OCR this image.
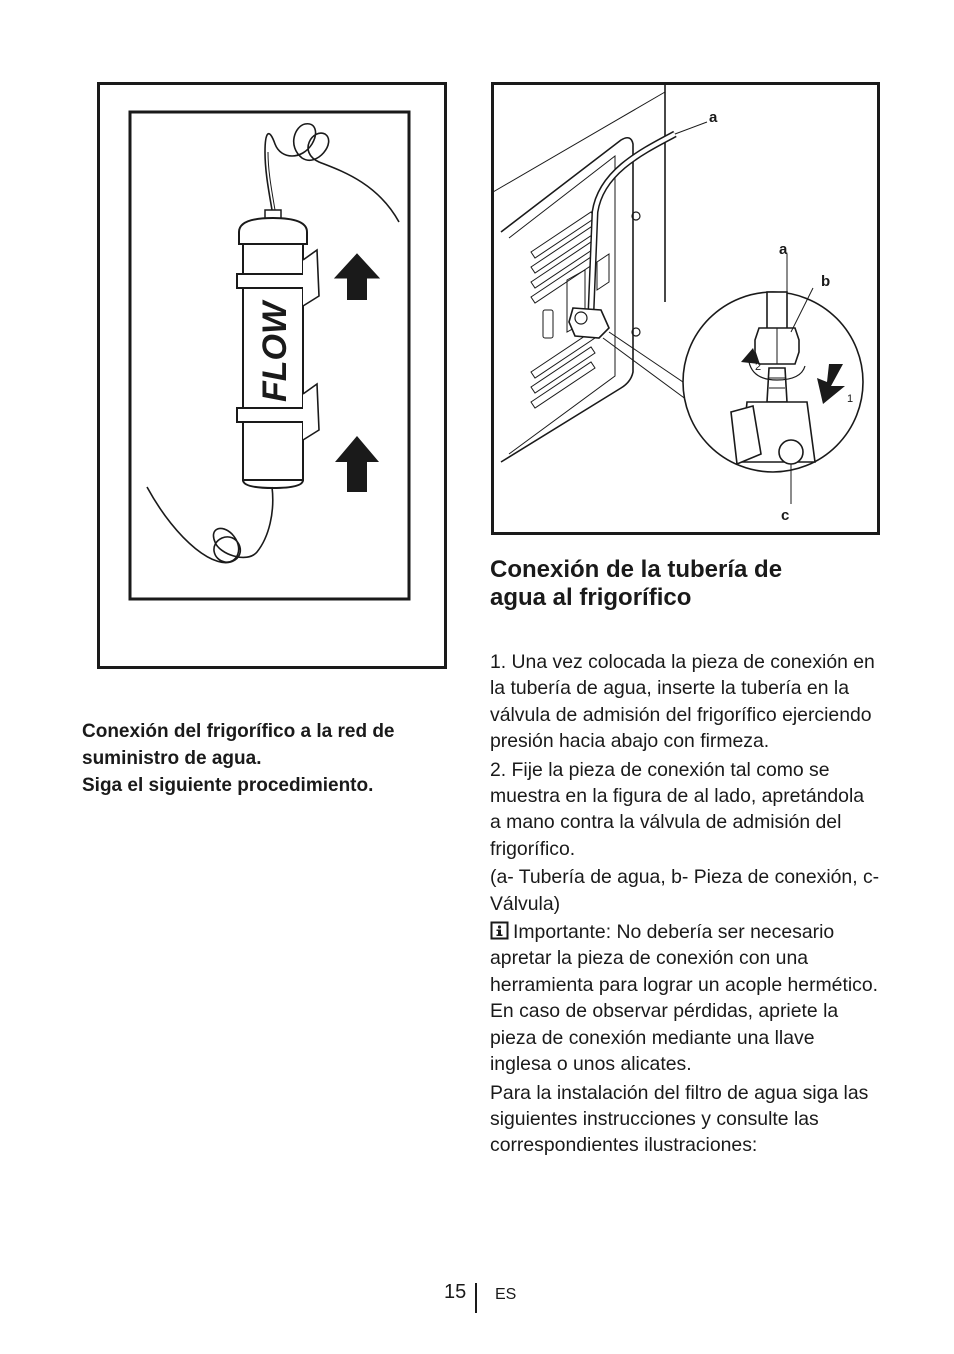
FLOW
a
a
b
c
1
2
Conexión del frigorífico a la red de
suministro de agua.
Siga el siguiente procedimiento.
Conexión de la tubería de
agua al frigorífico

1. Una vez colocada la pieza de conexión en la tubería de agua, inserte la tubería en la válvula de admisión del frigorífico ejerciendo presión hacia abajo con firmeza.

2. Fije la pieza de conexión tal como se muestra en la figura de al lado, apretándola a mano contra la válvula de admisión del frigorífico.

(a- Tubería de agua, b- Pieza de conexión, c-Válvula)

Importante: No debería ser necesario apretar la pieza de conexión con una herramienta para lograr un acople hermético. En caso de observar pérdidas, apriete la pieza de conexión mediante una llave inglesa o unos alicates.

Para la instalación del filtro de agua siga las siguientes instrucciones y consulte las correspondientes ilustraciones:

15 ES
